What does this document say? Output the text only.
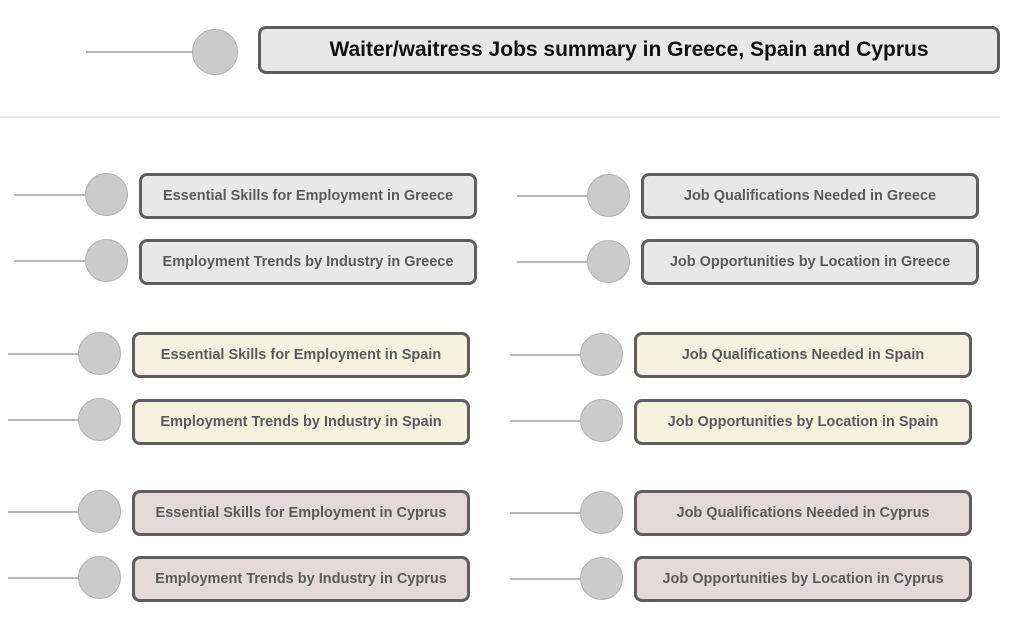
Waiter/waitress Jobs summary in Greece, Spain and Cyprus
Essential Skills for Employment in Greece
Employment Trends by Industry in Greece
Job Qualifications Needed in Greece
Job Opportunities by Location in Greece
Essential Skills for Employment in Spain
Employment Trends by Industry in Spain
Job Qualifications Needed in Spain
Job Opportunities by Location in Spain
Essential Skills for Employment in Cyprus
Employment Trends by Industry in Cyprus
Job Qualifications Needed in Cyprus
Job Opportunities by Location in Cyprus
